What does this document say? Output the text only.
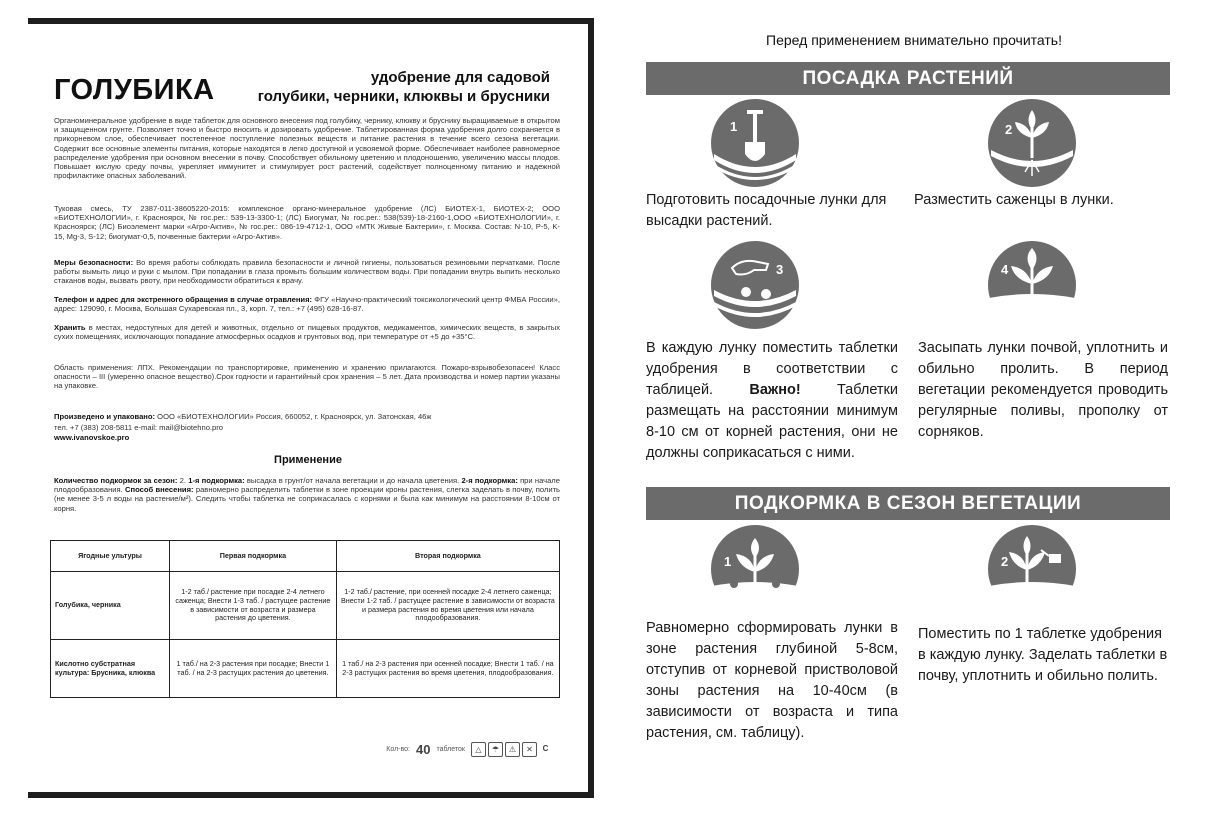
удобрение для садовой
голубики, черники, клюквы и брусники
ГОЛУБИКА
Органоминеральное удобрение в виде таблеток для основного внесения под голубику, чернику, клюкву и бруснику выращиваемые в открытом и защищенном грунте. Позволяет точно и быстро вносить и дозировать удобрение. Таблетированная форма удобрения долго сохраняется в прикорневом слое, обеспечивает постепенное поступление полезных веществ и питание растения в течение всего сезона вегетации. Содержит все основные элементы питания, которые находятся в легко доступной и усвояемой форме. Обеспечивает наиболее равномерное распределение удобрения при основном внесении в почву. Способствует обильному цветению и плодоношению, увеличению массы плодов. Повышает кислую среду почвы, укрепляет иммунитет и стимулирует рост растений, содействует полноценному питанию и надежной профилактике опасных заболеваний.
Туковая смесь, ТУ 2387-011-38605220-2015: комплексное органо-минеральное удобрение (ЛС) БИОТЕХ-1, БИОТЕХ-2; ООО «БИОТЕХНОЛОГИИ», г. Красноярск, № гос.рег.: 539-13-3300-1; (ЛС) Биогумат, № гос.рег.: 538(539)-18-2160-1,ООО «БИОТЕХНОЛОГИИ», г. Красноярск; (ЛС) Биоэлемент марки «Агро-Актив», № гос.рег.: 086-19-4712-1, ООО «МТК Живые Бактерии», г. Москва. Состав: N-10, P-5, K-15, Mg-3, S-12; биогумат-0,5, почвенные бактерии «Агро-Актив».
Меры безопасности: Во время работы соблюдать правила безопасности и личной гигиены, пользоваться резиновыми перчатками. После работы вымыть лицо и руки с мылом. При попадании в глаза промыть большим количеством воды. При попадании внутрь выпить несколько стаканов воды, вызвать рвоту, при необходимости обратиться к врачу.
Телефон и адрес для экстренного обращения в случае отравления: ФГУ «Научно-практический токсикологический центр ФМБА России», адрес: 129090, г. Москва, Большая Сухаревская пл., 3, корп. 7, тел.: +7 (495) 628-16-87.
Хранить в местах, недоступных для детей и животных, отдельно от пищевых продуктов, медикаментов, химических веществ, в закрытых сухих помещениях, исключающих попадание атмосферных осадков и грунтовых вод, при температуре от +5 до +35°С.
Область применения: ЛПХ. Рекомендации по транспортировке, применению и хранению прилагаются. Пожаро-взрывобезопасен! Класс опасности – III (умеренно опасное вещество).Срок годности и гарантийный срок хранения – 5 лет. Дата производства и номер партии указаны на упаковке.
Произведено и упаковано: ООО «БИОТЕХНОЛОГИИ» Россия, 660052, г. Красноярск, ул. Затонская, 46ж
тел. +7 (383) 208-5811 e-mail: mail@biotehno.pro
www.ivanovskoe.pro
Применение
Количество подкормок за сезон: 2. 1-я подкормка: высадка в грунт/от начала вегетации и до начала цветения. 2-я подкормка: при начале плодообразования. Способ внесения: равномерно распределить таблетки в зоне проекции кроны растения, слегка заделать в почву, полить (не менее 3-5 л воды на растение/м²). Следить чтобы таблетка не соприкасалась с корнями и была как минимум на расстоянии 8-10см от корня.
Ягодные ультуры	Первая подкормка	Вторая подкормка
Голубика, черника	1-2 таб./ растение при посадке 2-4 летнего саженца; Внести 1-3 таб. / растущее растение в зависимости от возраста и размера растения до цветения.	1-2 таб./ растение, при осенней посадке 2-4 летнего саженца; Внести 1-2 таб. / растущее растение в зависимости от возраста и размера растения во время цветения или начала плодообразования.
Кислотно субстратная культура: Брусника, клюква	1 таб./ на 2-3 растения при посадке; Внести 1 таб. / на 2-3 растущих растения до цветения.	1 таб./ на 2-3 растения при осенней посадке; Внести 1 таб. / на 2-3 растущих растения во время цветения, плодообразования.
Кол-во: 40 таблеток	△	☂	⚠	✕	C
Перед применением внимательно прочитать!
ПОСАДКА РАСТЕНИЙ
1	2
Подготовить посадочные лунки для высадки растений.
Разместить саженцы в лунки.
3	4
В каждую лунку поместить таблетки удобрения в соответствии с таблицей. Важно! Таблетки размещать на расстоянии минимум 8-10 см от корней растения, они не должны соприкасаться с ними.
Засыпать лунки почвой, уплотнить и обильно пролить. В период вегетации рекомендуется проводить регулярные поливы, прополку от сорняков.
ПОДКОРМКА В СЕЗОН ВЕГЕТАЦИИ
1	2
Равномерно сформировать лунки в зоне растения глубиной 5-8см, отступив от корневой пристволовой зоны растения на 10-40см (в зависимости от возраста и типа растения, см. таблицу).
Поместить по 1 таблетке удобрения в каждую лунку. Заделать таблетки в почву, уплотнить и обильно полить.
